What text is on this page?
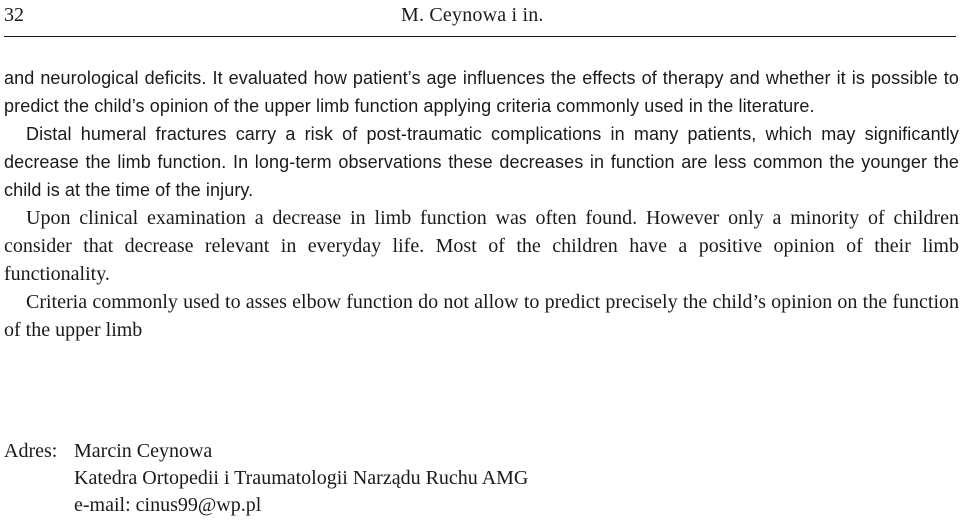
32	M. Ceynowa i in.

and neurological deficits. It evaluated how patient’s age influences the effects of therapy and whether it is possible to predict the child’s opinion of the upper limb function applying criteria commonly used in the literature.

Distal humeral fractures carry a risk of post-traumatic complications in many patients, which may significantly decrease the limb function. In long-term observations these decreases in function are less common the younger the child is at the time of the injury.

Upon clinical examination a decrease in limb function was often found. However only a minority of children consider that decrease relevant in everyday life. Most of the children have a positive opinion of their limb functionality.

Criteria commonly used to asses elbow function do not allow to predict precisely the child’s opinion on the function of the upper limb

Adres: Marcin Ceynowa
Katedra Ortopedii i Traumatologii Narządu Ruchu AMG
e-mail: cinus99@wp.pl
